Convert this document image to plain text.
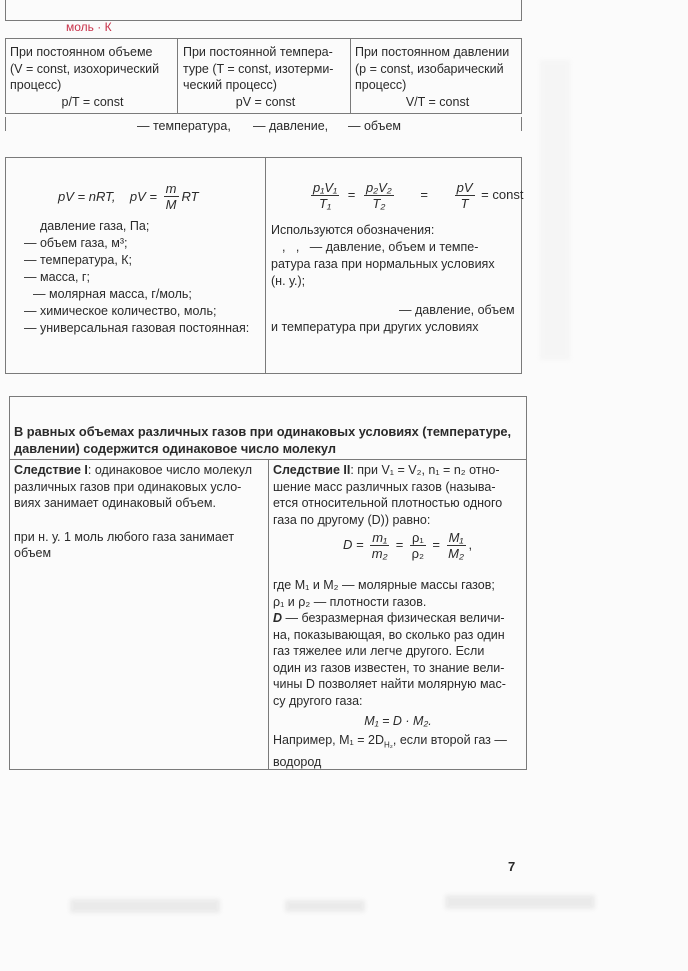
моль · К
При постоянном объеме
(V = const, изохорический
процесс)
p/T = const
При постоянной темпера-
туре (T = const, изотерми-
ческий процесс)
pV = const
При постоянном давлении
(p = const, изобарический
процесс)
V/T = const
— температура, — давление, — объем
pV = nRT, pV = $\frac{m}{M}$ RT	$\frac{\text{p₁V₁}}{\text{T₁}} = \frac{\text{p₂V₂}}{\text{T₂}} = \frac{pV}{T}$ = const
давление газа, Па;
— объем газа, м³;
— температура, К;
— масса, г;
— молярная масса, г/моль;
— химическое количество, моль;
— универсальная газовая постоянная:
Используются обозначения:
,   ,   — давление, объем и темпе-
ратура газа при нормальных условиях
(н. у.);
— давление, объем
и температура при других условиях
В равных объемах различных газов при одинаковых условиях (температуре,
давлении) содержится одинаковое число молекул
Следствие I: одинаковое число молекул
различных газов при одинаковых усло-
виях занимает одинаковый объем.
при н. у. 1 моль любого газа занимает
объем
Следствие II: при V₁ = V₂, n₁ = n₂ отно-
шение масс различных газов (называ-
ется относительной плотностью одного
газа по другому (D)) равно:
$D = \frac{\text{m₁}}{\text{m₂}} = \frac{\text{ρ₁}}{\text{ρ₂}} = \frac{\text{M₁}}{\text{M₂}}$ ,
где M₁ и M₂ — молярные массы газов;
ρ₁ и ρ₂ — плотности газов.
D — безразмерная физическая величи-
на, показывающая, во сколько раз один
газ тяжелее или легче другого. Если
один из газов известен, то знание вели-
чины D позволяет найти молярную мас-
су другого газа:
M₁ = D · M₂.
Например, $M_1 = 2D_{H_2}$, если второй газ —
водород
7
